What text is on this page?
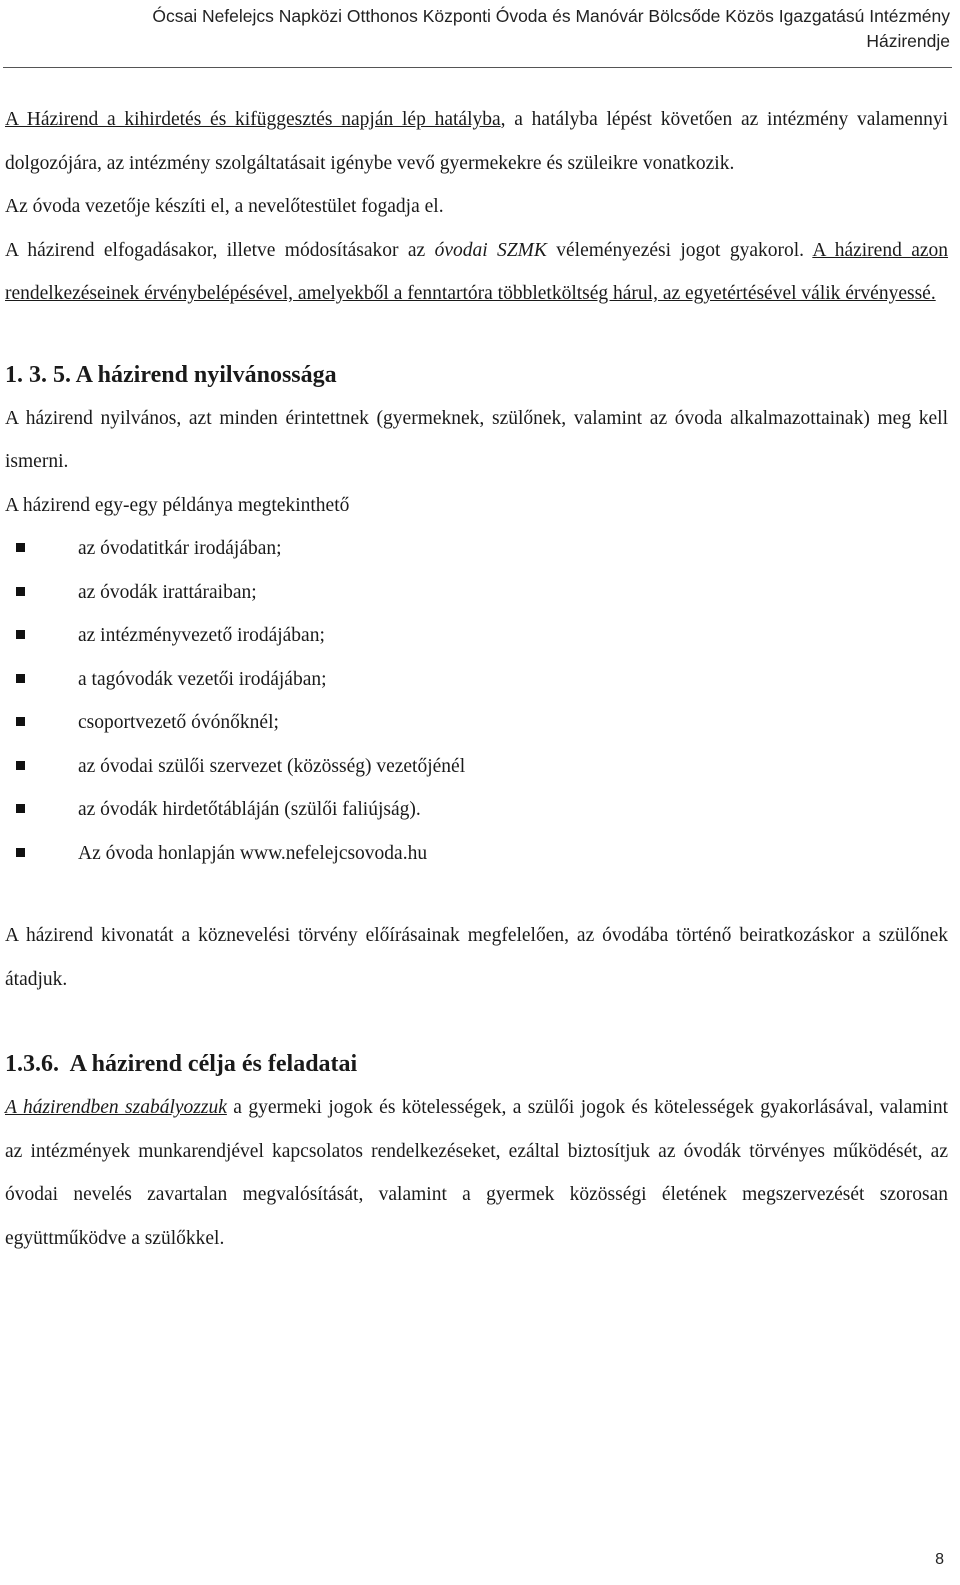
Ócsai Nefelejcs Napközi Otthonos Központi Óvoda és Manóvár Bölcsőde Közös Igazgatású Intézmény
Házirendje

A Házirend a kihirdetés és kifüggesztés napján lép hatályba, a hatályba lépést követően az intézmény valamennyi dolgozójára, az intézmény szolgáltatásait igénybe vevő gyermekekre és szüleikre vonatkozik.

Az óvoda vezetője készíti el, a nevelőtestület fogadja el.

A házirend elfogadásakor, illetve módosításakor az óvodai SZMK véleményezési jogot gyakorol. A házirend azon rendelkezéseinek érvénybelépésével, amelyekből a fenntartóra többletköltség hárul, az egyetértésével válik érvényessé.

1. 3. 5. A házirend nyilvánossága

A házirend nyilvános, azt minden érintettnek (gyermeknek, szülőnek, valamint az óvoda alkalmazottainak) meg kell ismerni.

A házirend egy-egy példánya megtekinthető

az óvodatitkár irodájában;
az óvodák irattáraiban;
az intézményvezető irodájában;
a tagóvodák vezetői irodájában;
csoportvezető óvónőknél;
az óvodai szülői szervezet (közösség) vezetőjénél
az óvodák hirdetőtábláján (szülői faliújság).
Az óvoda honlapján www.nefelejcsovoda.hu

A házirend kivonatát a köznevelési törvény előírásainak megfelelően, az óvodába történő beiratkozáskor a szülőnek átadjuk.

1.3.6.  A házirend célja és feladatai

A házirendben szabályozzuk a gyermeki jogok és kötelességek, a szülői jogok és kötelességek gyakorlásával, valamint az intézmények munkarendjével kapcsolatos rendelkezéseket, ezáltal biztosítjuk az óvodák törvényes működését, az óvodai nevelés zavartalan megvalósítását, valamint a gyermek közösségi életének megszervezését szorosan együttműködve a szülőkkel.

8
